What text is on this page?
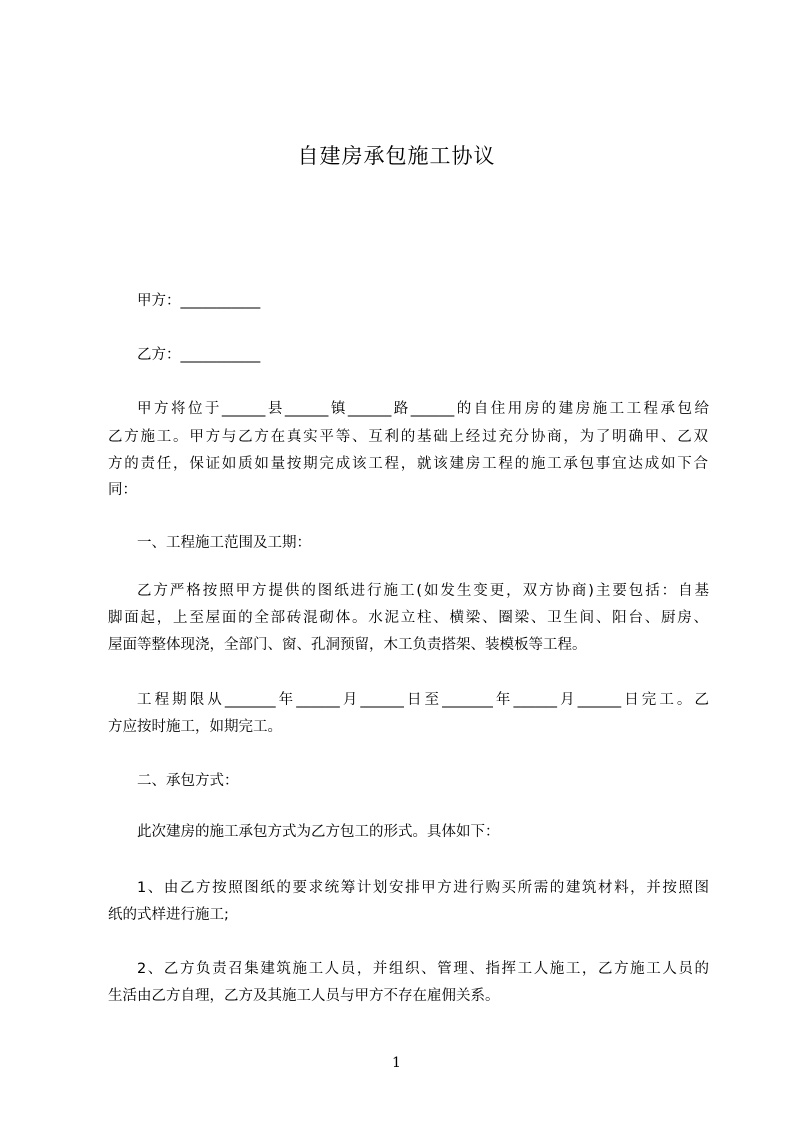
自建房承包施工协议

甲方：___________

乙方：___________

甲方将位于______县______镇______路______的自住用房的建房施工工程承包给

乙方施工。甲方与乙方在真实平等、互利的基础上经过充分协商，为了明确甲、乙双

方的责任，保证如质如量按期完成该工程，就该建房工程的施工承包事宜达成如下合

同：

一、工程施工范围及工期：

乙方严格按照甲方提供的图纸进行施工(如发生变更，双方协商)主要包括：自基

脚面起，上至屋面的全部砖混砌体。水泥立柱、横梁、圈梁、卫生间、阳台、厨房、

屋面等整体现浇，全部门、窗、孔洞预留，木工负责搭架、装模板等工程。

工程期限从_______年______月______日至_______年______月______日完工。乙

方应按时施工，如期完工。

二、承包方式：

此次建房的施工承包方式为乙方包工的形式。具体如下：

1、由乙方按照图纸的要求统筹计划安排甲方进行购买所需的建筑材料，并按照图

纸的式样进行施工;

2、乙方负责召集建筑施工人员，并组织、管理、指挥工人施工，乙方施工人员的

生活由乙方自理，乙方及其施工人员与甲方不存在雇佣关系。

1
